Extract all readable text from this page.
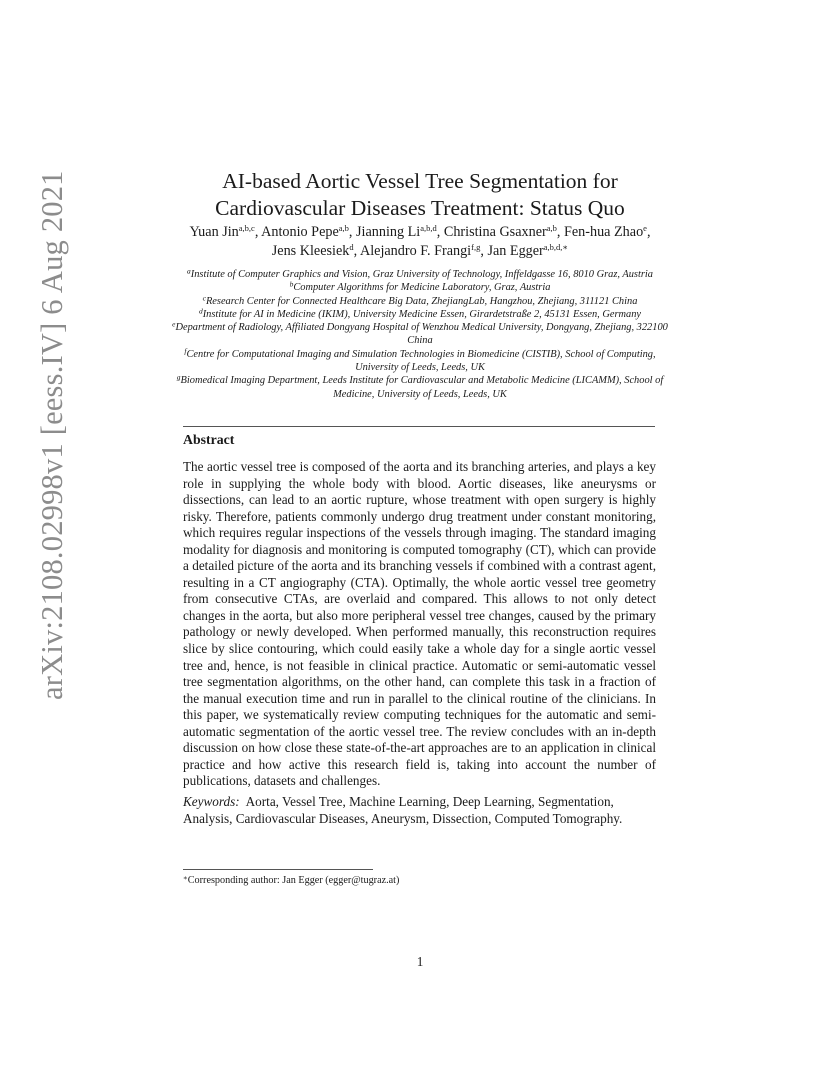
arXiv:2108.02998v1 [eess.IV] 6 Aug 2021	AI-based Aortic Vessel Tree Segmentation for
Cardiovascular Diseases Treatment: Status Quo
Yuan Jin$^{a,b,c}$, Antonio Pepe$^{a,b}$, Jianning Li$^{a,b,d}$, Christina Gsaxner$^{a,b}$, Fen-hua Zhao$^e$,
Jens Kleesiek$^d$, Alejandro F. Frangi$^{f,g}$, Jan Egger$^{a,b,d,∗}$
$^a$Institute of Computer Graphics and Vision, Graz University of Technology, Inffeldgasse 16, 8010 Graz, Austria
$^b$Computer Algorithms for Medicine Laboratory, Graz, Austria
$^c$Research Center for Connected Healthcare Big Data, ZhejiangLab, Hangzhou, Zhejiang, 311121 China
$^d$Institute for AI in Medicine (IKIM), University Medicine Essen, Girardetstraße 2, 45131 Essen, Germany
$^e$Department of Radiology, Affiliated Dongyang Hospital of Wenzhou Medical University, Dongyang, Zhejiang, 322100 China
$^f$Centre for Computational Imaging and Simulation Technologies in Biomedicine (CISTIB), School of Computing, University of Leeds, Leeds, UK
$^g$Biomedical Imaging Department, Leeds Institute for Cardiovascular and Metabolic Medicine (LICAMM), School of Medicine, University of Leeds, Leeds, UK
Abstract
The aortic vessel tree is composed of the aorta and its branching arteries, and plays a key role in supplying the whole body with blood. Aortic diseases, like aneurysms or dissections, can lead to an aortic rupture, whose treatment with open surgery is highly risky. Therefore, patients commonly undergo drug treatment under constant monitoring, which requires regular inspections of the vessels through imaging. The standard imaging modality for diagnosis and monitoring is computed tomography (CT), which can provide a detailed picture of the aorta and its branching vessels if combined with a contrast agent, resulting in a CT angiography (CTA). Optimally, the whole aortic vessel tree geometry from consecutive CTAs, are overlaid and compared. This allows to not only detect changes in the aorta, but also more peripheral vessel tree changes, caused by the primary pathology or newly developed. When performed manually, this reconstruction requires slice by slice contouring, which could easily take a whole day for a single aortic vessel tree and, hence, is not feasible in clinical practice. Automatic or semi-automatic vessel tree segmentation algorithms, on the other hand, can complete this task in a fraction of the manual execution time and run in parallel to the clinical routine of the clinicians. In this paper, we systematically review computing techniques for the automatic and semi-automatic segmentation of the aortic vessel tree. The review concludes with an in-depth discussion on how close these state-of-the-art approaches are to an application in clinical practice and how active this research field is, taking into account the number of publications, datasets and challenges.
Keywords: Aorta, Vessel Tree, Machine Learning, Deep Learning, Segmentation, Analysis, Cardiovascular Diseases, Aneurysm, Dissection, Computed Tomography.
∗Corresponding author: Jan Egger (egger@tugraz.at)
1
